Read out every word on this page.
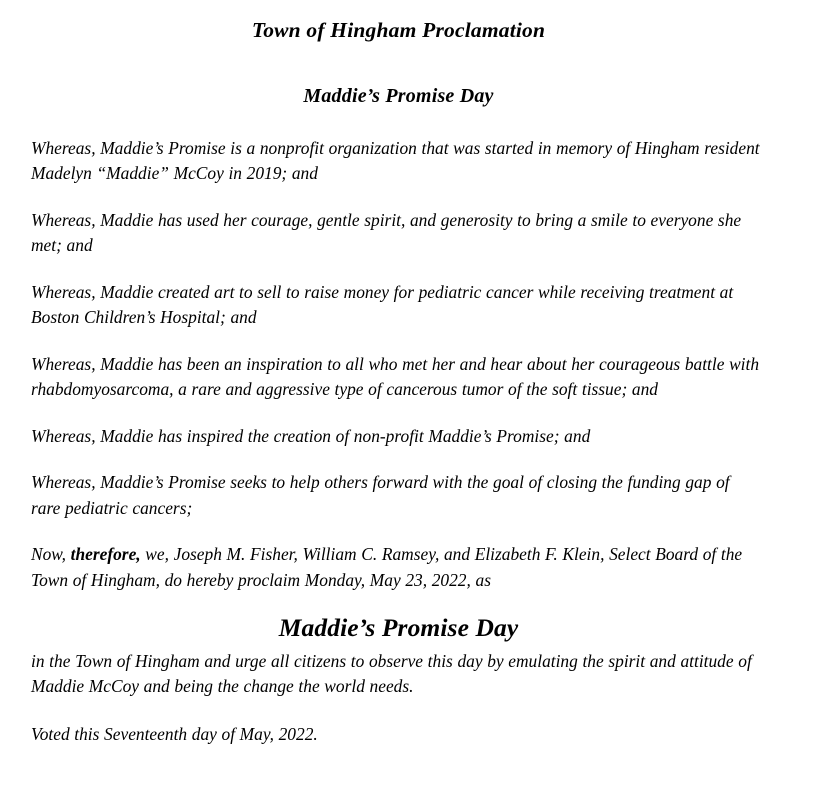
Town of Hingham Proclamation
Maddie’s Promise Day

Whereas, Maddie’s Promise is a nonprofit organization that was started in memory of Hingham resident Madelyn “Maddie” McCoy in 2019; and

Whereas, Maddie has used her courage, gentle spirit, and generosity to bring a smile to everyone she met; and

Whereas, Maddie created art to sell to raise money for pediatric cancer while receiving treatment at Boston Children’s Hospital; and

Whereas, Maddie has been an inspiration to all who met her and hear about her courageous battle with rhabdomyosarcoma, a rare and aggressive type of cancerous tumor of the soft tissue; and

Whereas, Maddie has inspired the creation of non-profit Maddie’s Promise; and

Whereas, Maddie’s Promise seeks to help others forward with the goal of closing the funding gap of rare pediatric cancers;

Now, therefore, we, Joseph M. Fisher, William C. Ramsey, and Elizabeth F. Klein, Select Board of the Town of Hingham, do hereby proclaim Monday, May 23, 2022, as

Maddie’s Promise Day

in the Town of Hingham and urge all citizens to observe this day by emulating the spirit and attitude of Maddie McCoy and being the change the world needs.

Voted this Seventeenth day of May, 2022.
